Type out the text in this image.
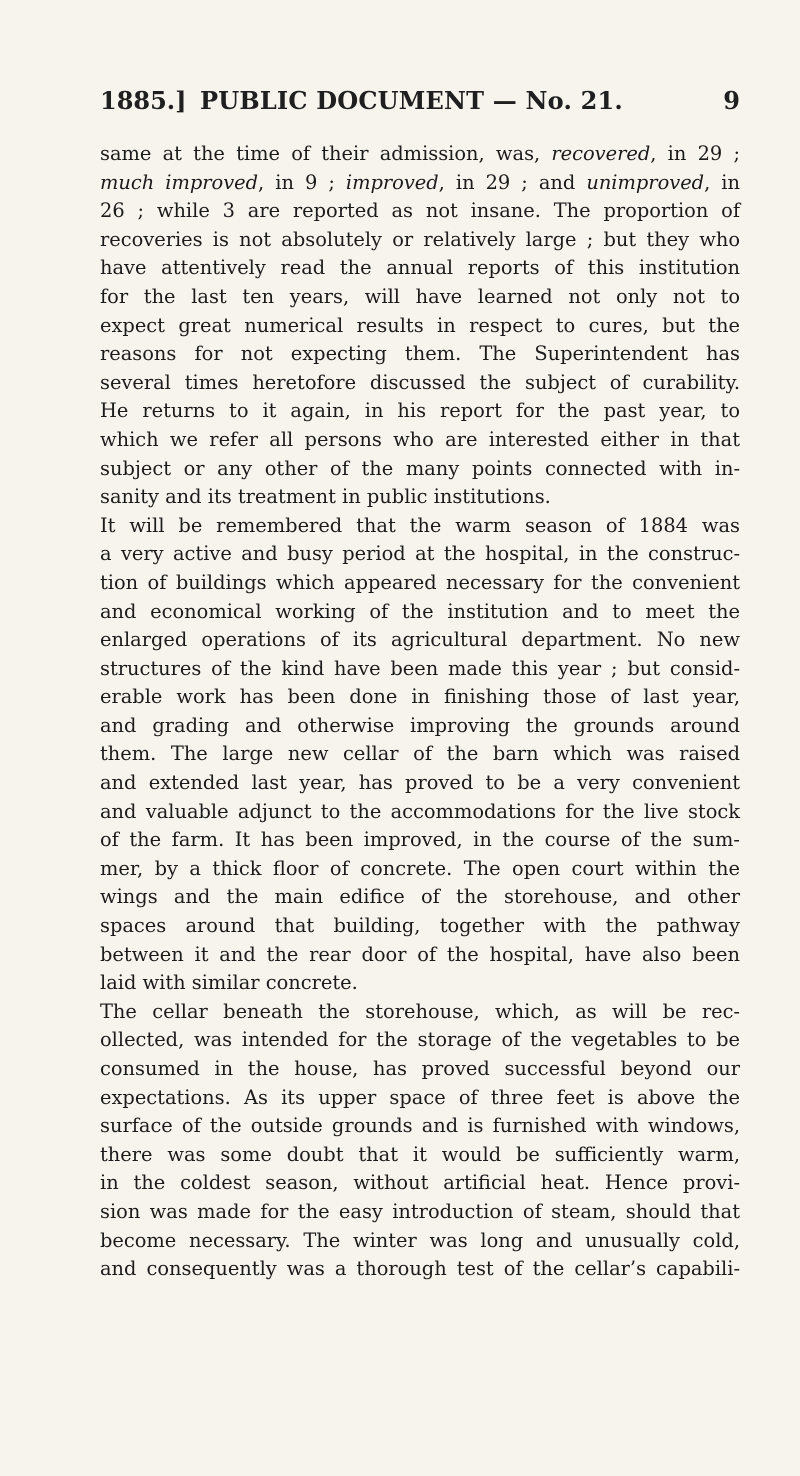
1885.] PUBLIC DOCUMENT — No. 21.	9
same at the time of their admission, was, recovered, in 29 ;
much improved, in 9 ; improved, in 29 ; and unimproved, in
26 ; while 3 are reported as not insane. The proportion of
recoveries is not absolutely or relatively large ; but they who
have attentively read the annual reports of this institution
for the last ten years, will have learned not only not to
expect great numerical results in respect to cures, but the
reasons for not expecting them. The Superintendent has
several times heretofore discussed the subject of curability.
He returns to it again, in his report for the past year, to
which we refer all persons who are interested either in that
subject or any other of the many points connected with in-
sanity and its treatment in public institutions.
It will be remembered that the warm season of 1884 was
a very active and busy period at the hospital, in the construc-
tion of buildings which appeared necessary for the convenient
and economical working of the institution and to meet the
enlarged operations of its agricultural department. No new
structures of the kind have been made this year ; but consid-
erable work has been done in finishing those of last year,
and grading and otherwise improving the grounds around
them. The large new cellar of the barn which was raised
and extended last year, has proved to be a very convenient
and valuable adjunct to the accommodations for the live stock
of the farm. It has been improved, in the course of the sum-
mer, by a thick floor of concrete. The open court within the
wings and the main edifice of the storehouse, and other
spaces around that building, together with the pathway
between it and the rear door of the hospital, have also been
laid with similar concrete.
The cellar beneath the storehouse, which, as will be rec-
ollected, was intended for the storage of the vegetables to be
consumed in the house, has proved successful beyond our
expectations. As its upper space of three feet is above the
surface of the outside grounds and is furnished with windows,
there was some doubt that it would be sufficiently warm,
in the coldest season, without artificial heat. Hence provi-
sion was made for the easy introduction of steam, should that
become necessary. The winter was long and unusually cold,
and consequently was a thorough test of the cellar’s capabili-
